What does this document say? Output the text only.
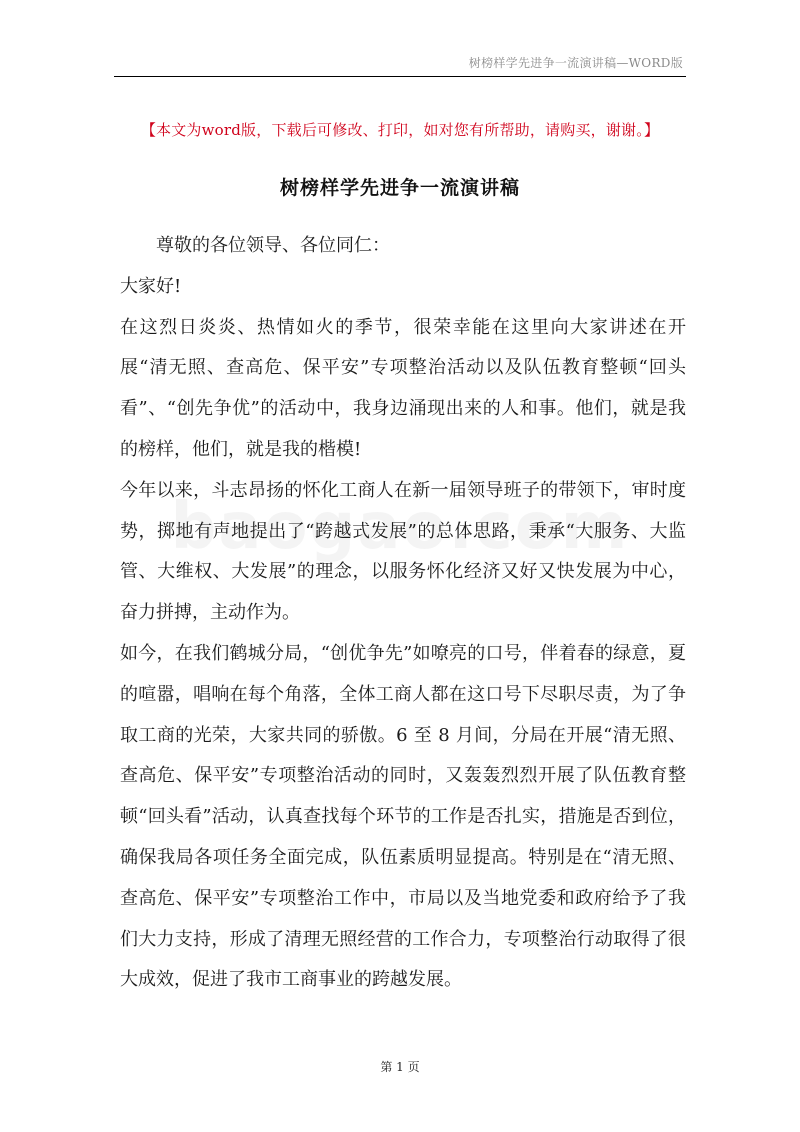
树榜样学先进争一流演讲稿—WORD版
【本文为word版，下载后可修改、打印，如对您有所帮助，请购买，谢谢。】
树榜样学先进争一流演讲稿

尊敬的各位领导、各位同仁：

大家好!

在这烈日炎炎、热情如火的季节，很荣幸能在这里向大家讲述在开展“清无照、查高危、保平安”专项整治活动以及队伍教育整顿“回头看”、“创先争优”的活动中，我身边涌现出来的人和事。他们，就是我的榜样，他们，就是我的楷模!

今年以来，斗志昂扬的怀化工商人在新一届领导班子的带领下，审时度势，掷地有声地提出了“跨越式发展”的总体思路，秉承“大服务、大监管、大维权、大发展”的理念，以服务怀化经济又好又快发展为中心，奋力拼搏，主动作为。

如今，在我们鹤城分局，“创优争先”如嘹亮的口号，伴着春的绿意，夏的喧嚣，唱响在每个角落，全体工商人都在这口号下尽职尽责，为了争取工商的光荣，大家共同的骄傲。6 至 8 月间，分局在开展“清无照、查高危、保平安”专项整治活动的同时，又轰轰烈烈开展了队伍教育整顿“回头看”活动，认真查找每个环节的工作是否扎实，措施是否到位，确保我局各项任务全面完成，队伍素质明显提高。特别是在“清无照、查高危、保平安”专项整治工作中，市局以及当地党委和政府给予了我们大力支持，形成了清理无照经营的工作合力，专项整治行动取得了很大成效，促进了我市工商事业的跨越发展。

第 1 页
